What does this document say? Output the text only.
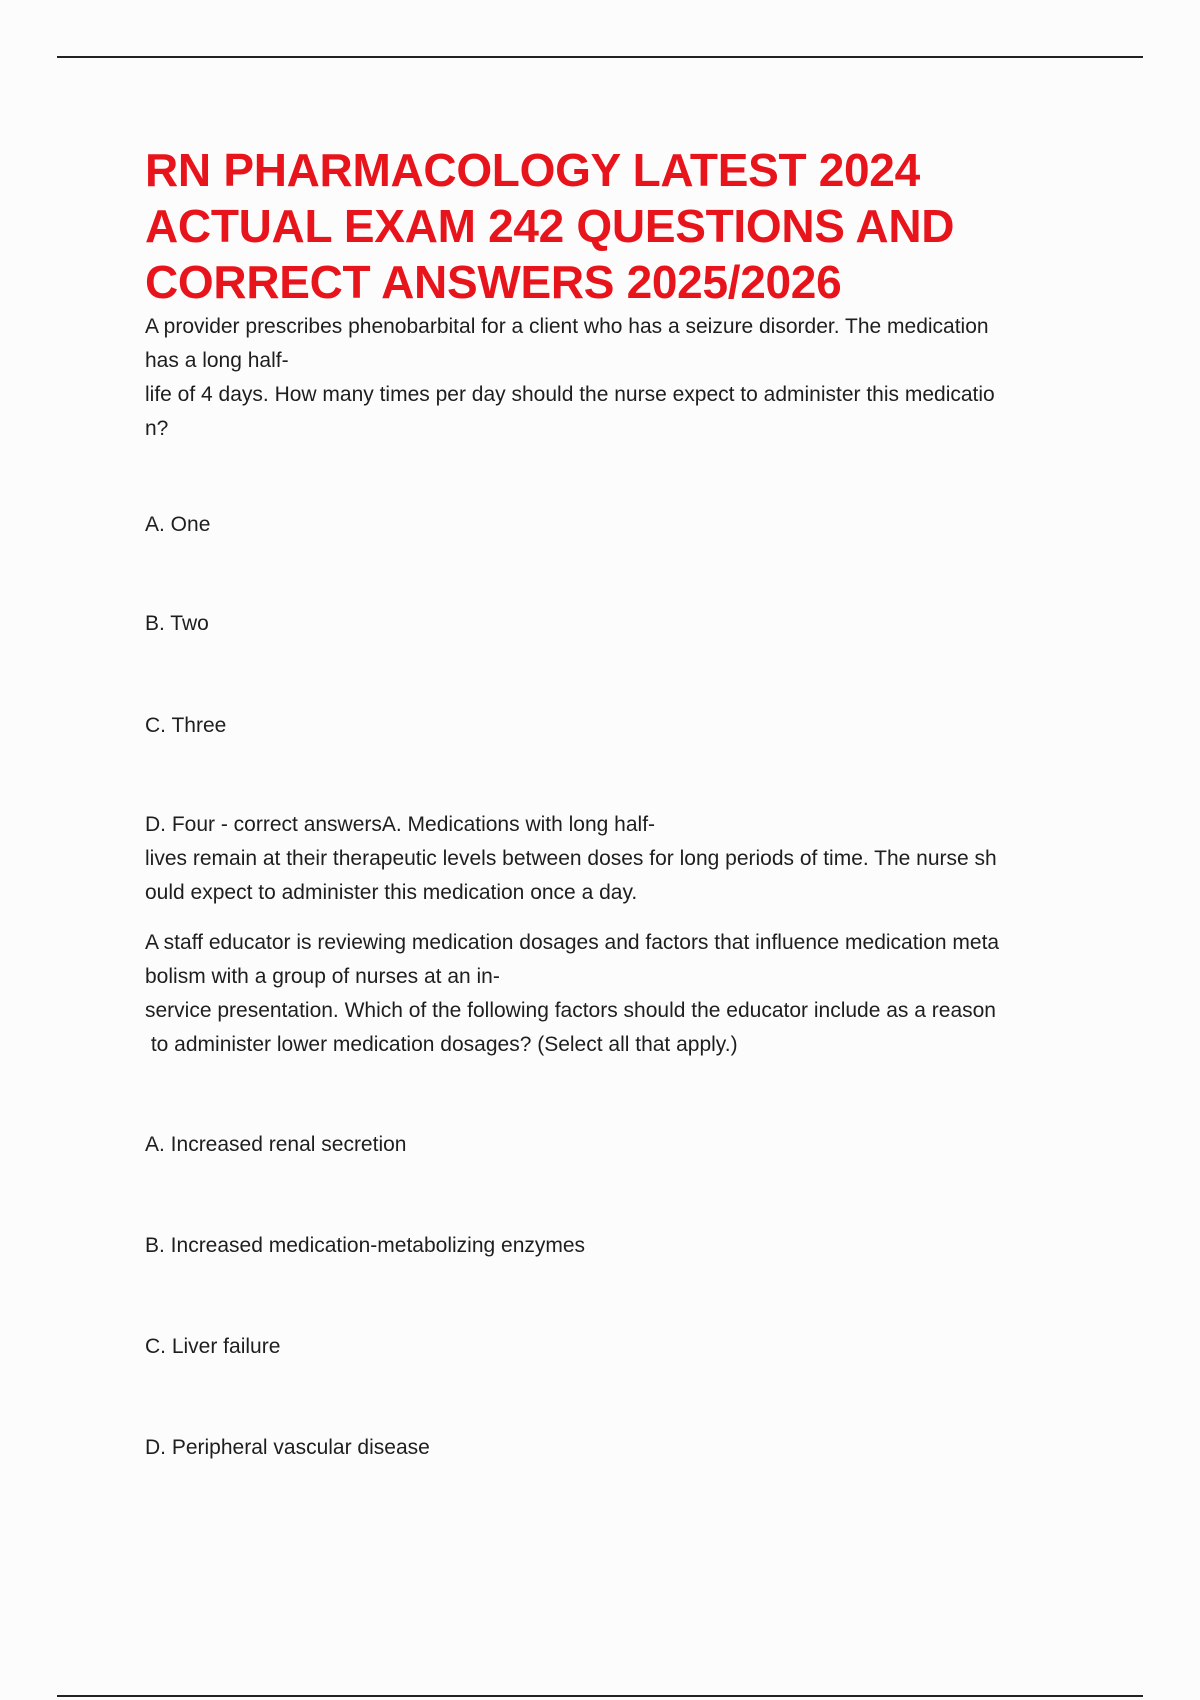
RN PHARMACOLOGY LATEST 2024
ACTUAL EXAM 242 QUESTIONS AND
CORRECT ANSWERS 2025/2026

A provider prescribes phenobarbital for a client who has a seizure disorder. The medication
has a long half-
life of 4 days. How many times per day should the nurse expect to administer this medicatio
n?

A. One
B. Two
C. Three
D. Four - correct answersA. Medications with long half-
lives remain at their therapeutic levels between doses for long periods of time. The nurse sh
ould expect to administer this medication once a day.

A staff educator is reviewing medication dosages and factors that influence medication meta
bolism with a group of nurses at an in-
service presentation. Which of the following factors should the educator include as a reason
to administer lower medication dosages? (Select all that apply.)

A. Increased renal secretion
B. Increased medication-metabolizing enzymes
C. Liver failure
D. Peripheral vascular disease
